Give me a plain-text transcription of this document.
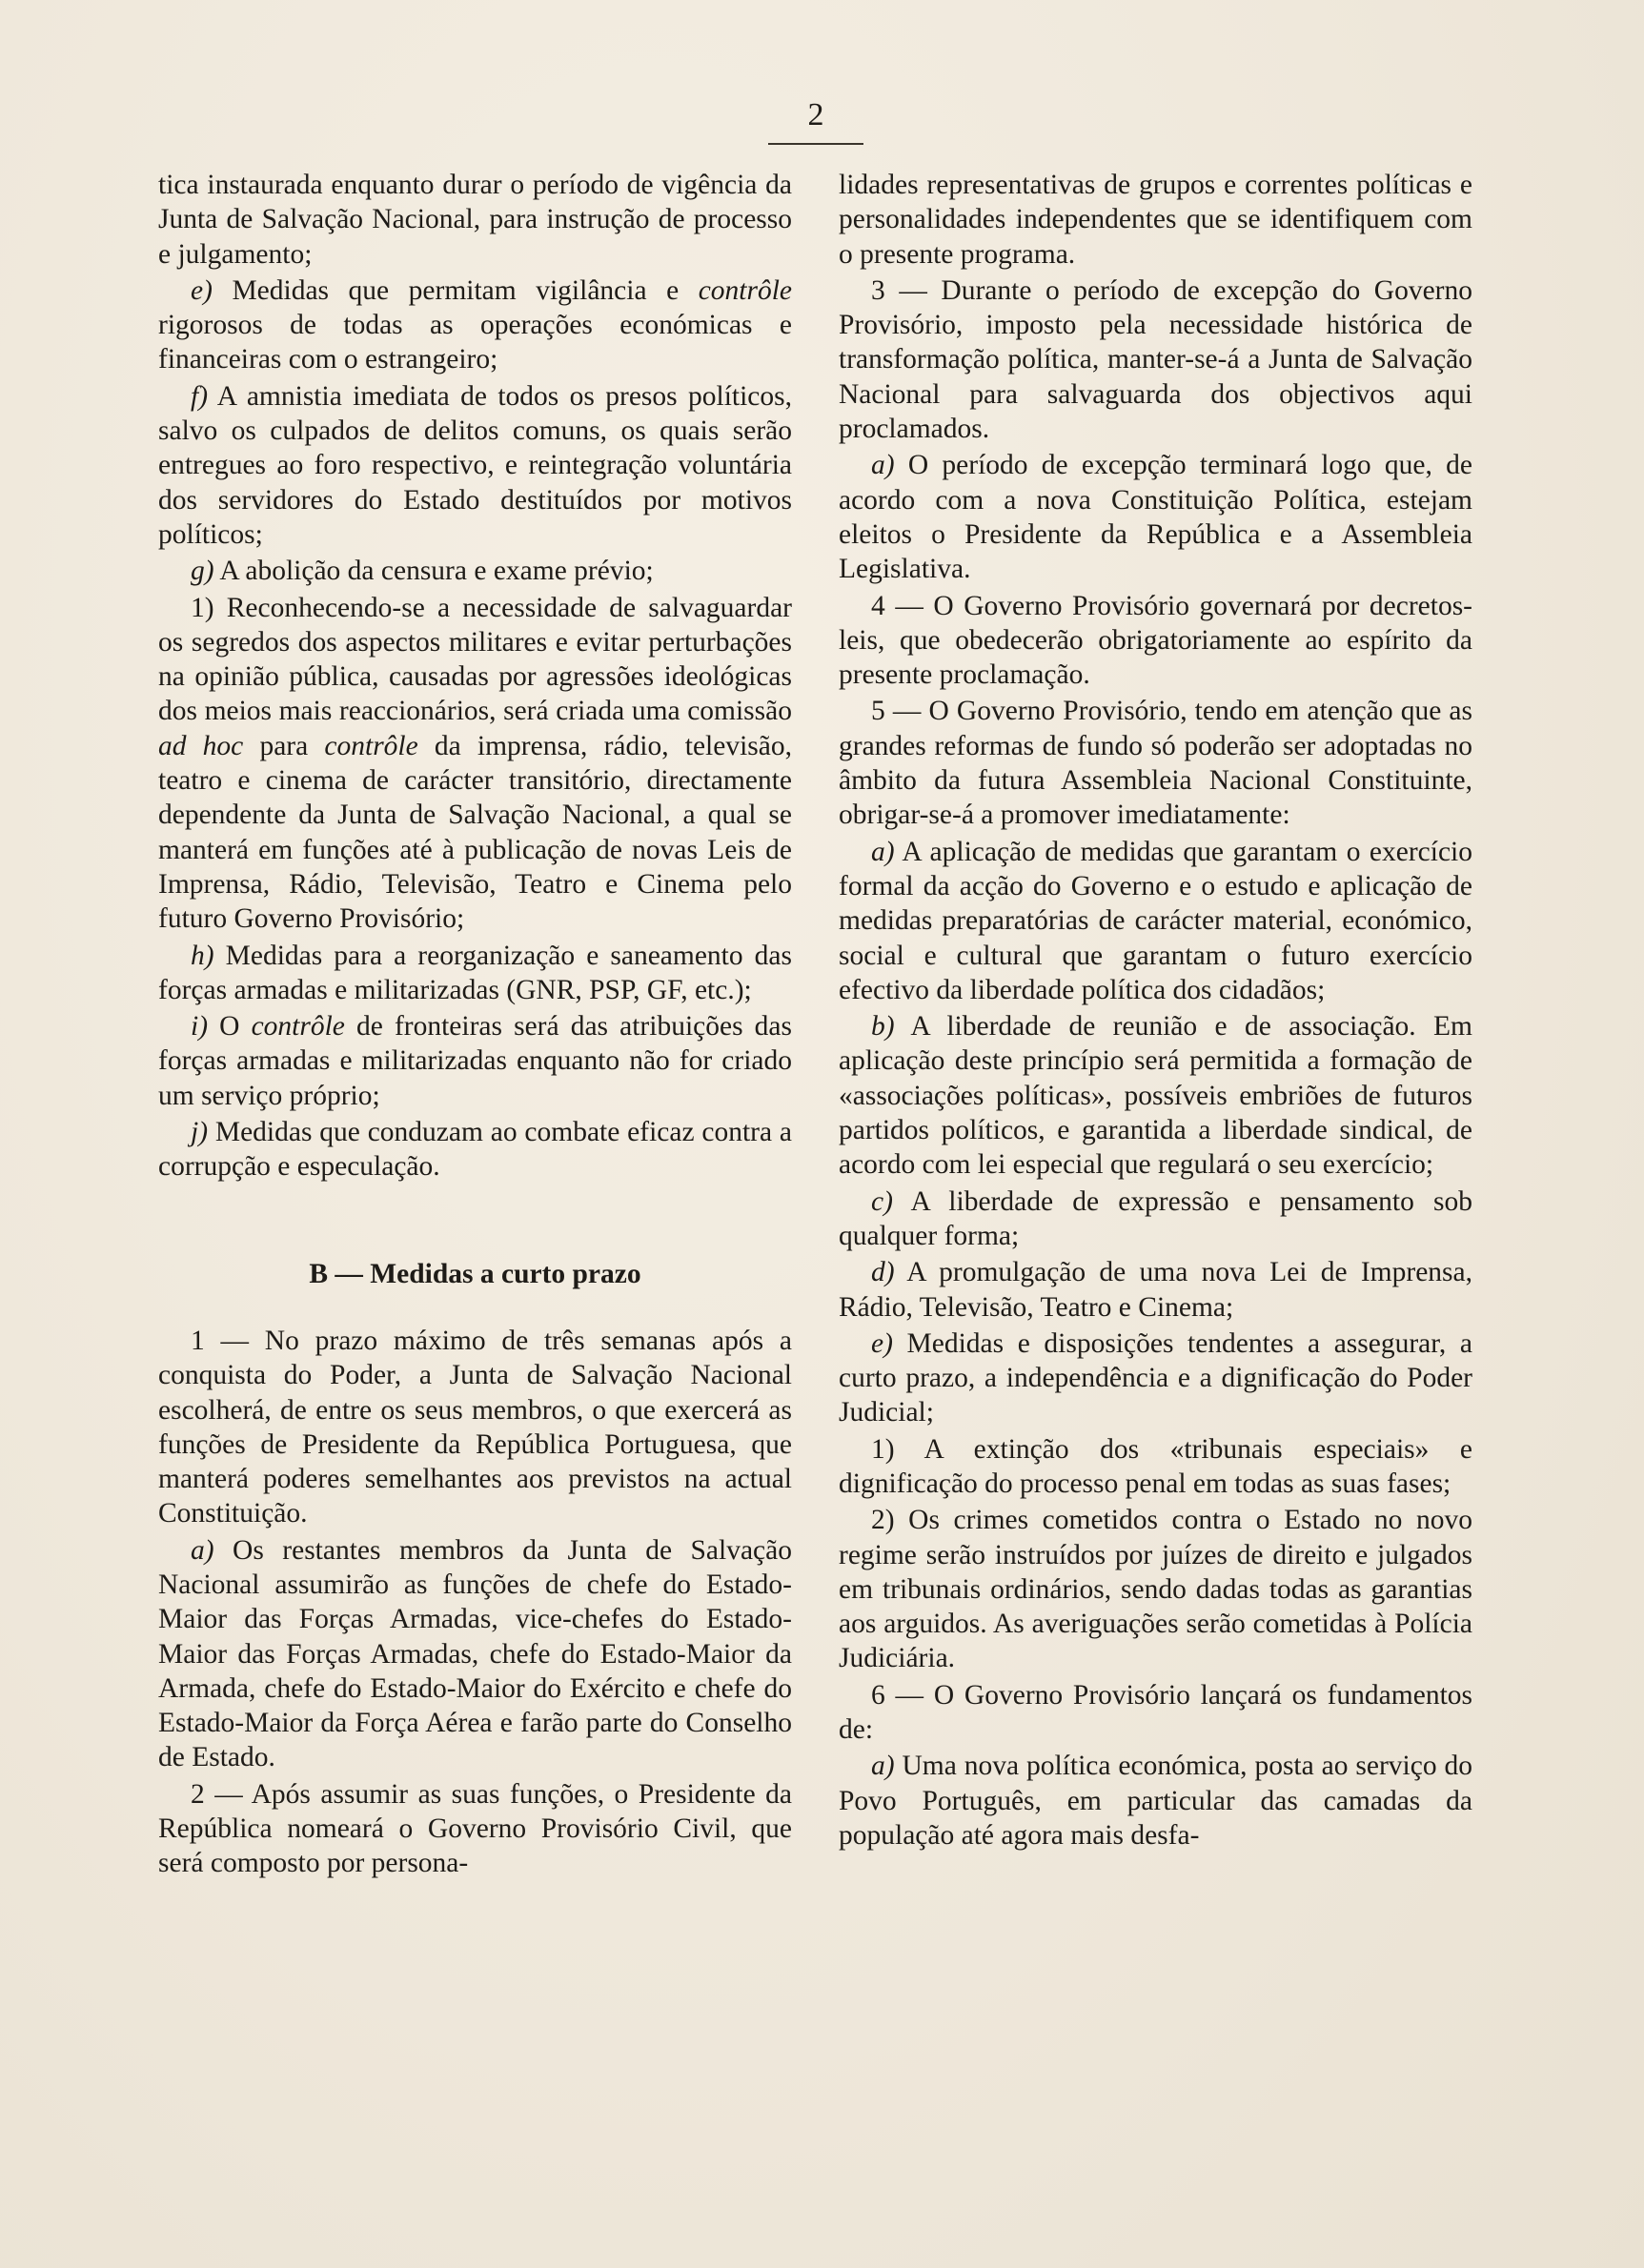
2

tica instaurada enquanto durar o período de vigência da Junta de Salvação Nacional, para instrução de processo e julgamento;

e) Medidas que permitam vigilância e contrôle rigorosos de todas as operações económicas e financeiras com o estrangeiro;

f) A amnistia imediata de todos os presos políticos, salvo os culpados de delitos comuns, os quais serão entregues ao foro respectivo, e reintegração voluntária dos servidores do Estado destituídos por motivos políticos;

g) A abolição da censura e exame prévio;

1) Reconhecendo-se a necessidade de salvaguardar os segredos dos aspectos militares e evitar perturbações na opinião pública, causadas por agressões ideológicas dos meios mais reaccionários, será criada uma comissão ad hoc para contrôle da imprensa, rádio, televisão, teatro e cinema de carácter transitório, directamente dependente da Junta de Salvação Nacional, a qual se manterá em funções até à publicação de novas Leis de Imprensa, Rádio, Televisão, Teatro e Cinema pelo futuro Governo Provisório;

h) Medidas para a reorganização e saneamento das forças armadas e militarizadas (GNR, PSP, GF, etc.);

i) O contrôle de fronteiras será das atribuições das forças armadas e militarizadas enquanto não for criado um serviço próprio;

j) Medidas que conduzam ao combate eficaz contra a corrupção e especulação.

B — Medidas a curto prazo

1 — No prazo máximo de três semanas após a conquista do Poder, a Junta de Salvação Nacional escolherá, de entre os seus membros, o que exercerá as funções de Presidente da República Portuguesa, que manterá poderes semelhantes aos previstos na actual Constituição.

a) Os restantes membros da Junta de Salvação Nacional assumirão as funções de chefe do Estado-Maior das Forças Armadas, vice-chefes do Estado-Maior das Forças Armadas, chefe do Estado-Maior da Armada, chefe do Estado-Maior do Exército e chefe do Estado-Maior da Força Aérea e farão parte do Conselho de Estado.

2 — Após assumir as suas funções, o Presidente da República nomeará o Governo Provisório Civil, que será composto por persona-

lidades representativas de grupos e correntes políticas e personalidades independentes que se identifiquem com o presente programa.

3 — Durante o período de excepção do Governo Provisório, imposto pela necessidade histórica de transformação política, manter-se-á a Junta de Salvação Nacional para salvaguarda dos objectivos aqui proclamados.

a) O período de excepção terminará logo que, de acordo com a nova Constituição Política, estejam eleitos o Presidente da República e a Assembleia Legislativa.

4 — O Governo Provisório governará por decretos-leis, que obedecerão obrigatoriamente ao espírito da presente proclamação.

5 — O Governo Provisório, tendo em atenção que as grandes reformas de fundo só poderão ser adoptadas no âmbito da futura Assembleia Nacional Constituinte, obrigar-se-á a promover imediatamente:

a) A aplicação de medidas que garantam o exercício formal da acção do Governo e o estudo e aplicação de medidas preparatórias de carácter material, económico, social e cultural que garantam o futuro exercício efectivo da liberdade política dos cidadãos;

b) A liberdade de reunião e de associação. Em aplicação deste princípio será permitida a formação de «associações políticas», possíveis embriões de futuros partidos políticos, e garantida a liberdade sindical, de acordo com lei especial que regulará o seu exercício;

c) A liberdade de expressão e pensamento sob qualquer forma;

d) A promulgação de uma nova Lei de Imprensa, Rádio, Televisão, Teatro e Cinema;

e) Medidas e disposições tendentes a assegurar, a curto prazo, a independência e a dignificação do Poder Judicial;

1) A extinção dos «tribunais especiais» e dignificação do processo penal em todas as suas fases;

2) Os crimes cometidos contra o Estado no novo regime serão instruídos por juízes de direito e julgados em tribunais ordinários, sendo dadas todas as garantias aos arguidos. As averiguações serão cometidas à Polícia Judiciária.

6 — O Governo Provisório lançará os fundamentos de:

a) Uma nova política económica, posta ao serviço do Povo Português, em particular das camadas da população até agora mais desfa-
